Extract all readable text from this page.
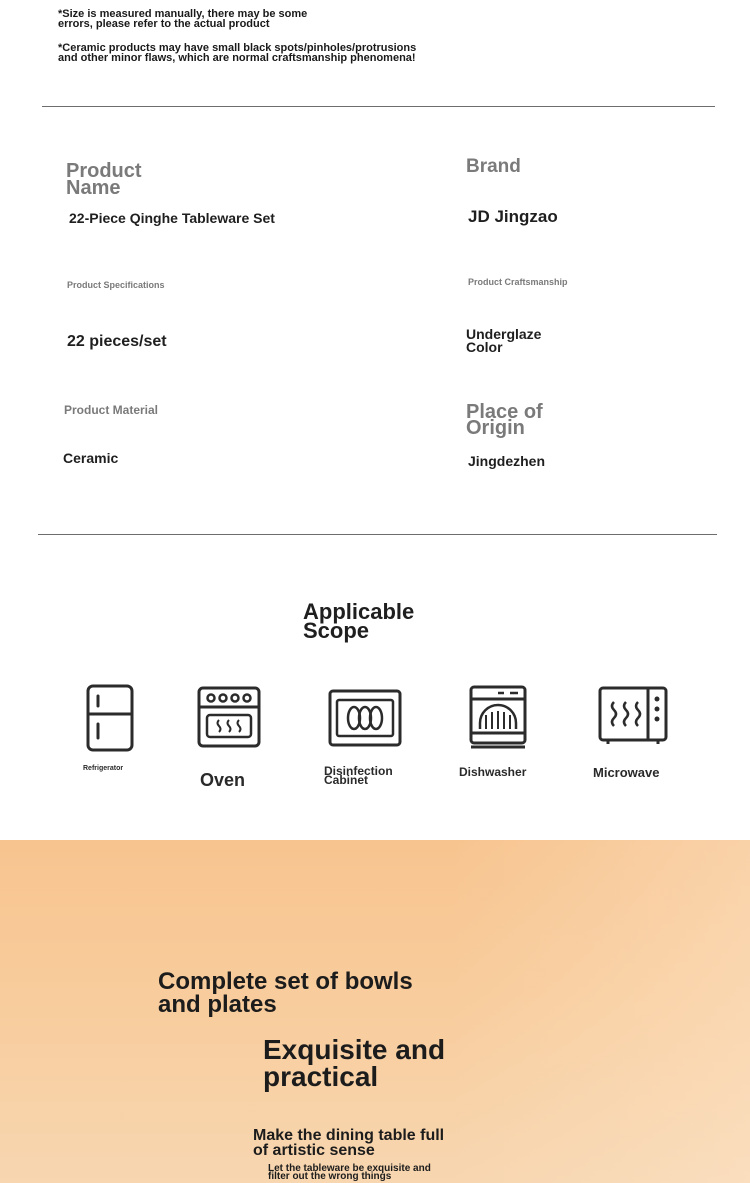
*Size is measured manually, there may be some
errors, please refer to the actual product
*Ceramic products may have small black spots/pinholes/protrusions
and other minor flaws, which are normal craftsmanship phenomena!
Product
Name
22-Piece Qinghe Tableware Set
Brand
JD Jingzao
Product Specifications
22 pieces/set
Product Craftsmanship
Underglaze
Color
Product Material
Ceramic
Place of
Origin
Jingdezhen
Applicable
Scope
Refrigerator
Oven	Disinfection
Cabinet
Dishwasher	Microwave
Complete set of bowls
and plates
Exquisite and
practical
Make the dining table full
of artistic sense
Let the tableware be exquisite and
filter out the wrong things
